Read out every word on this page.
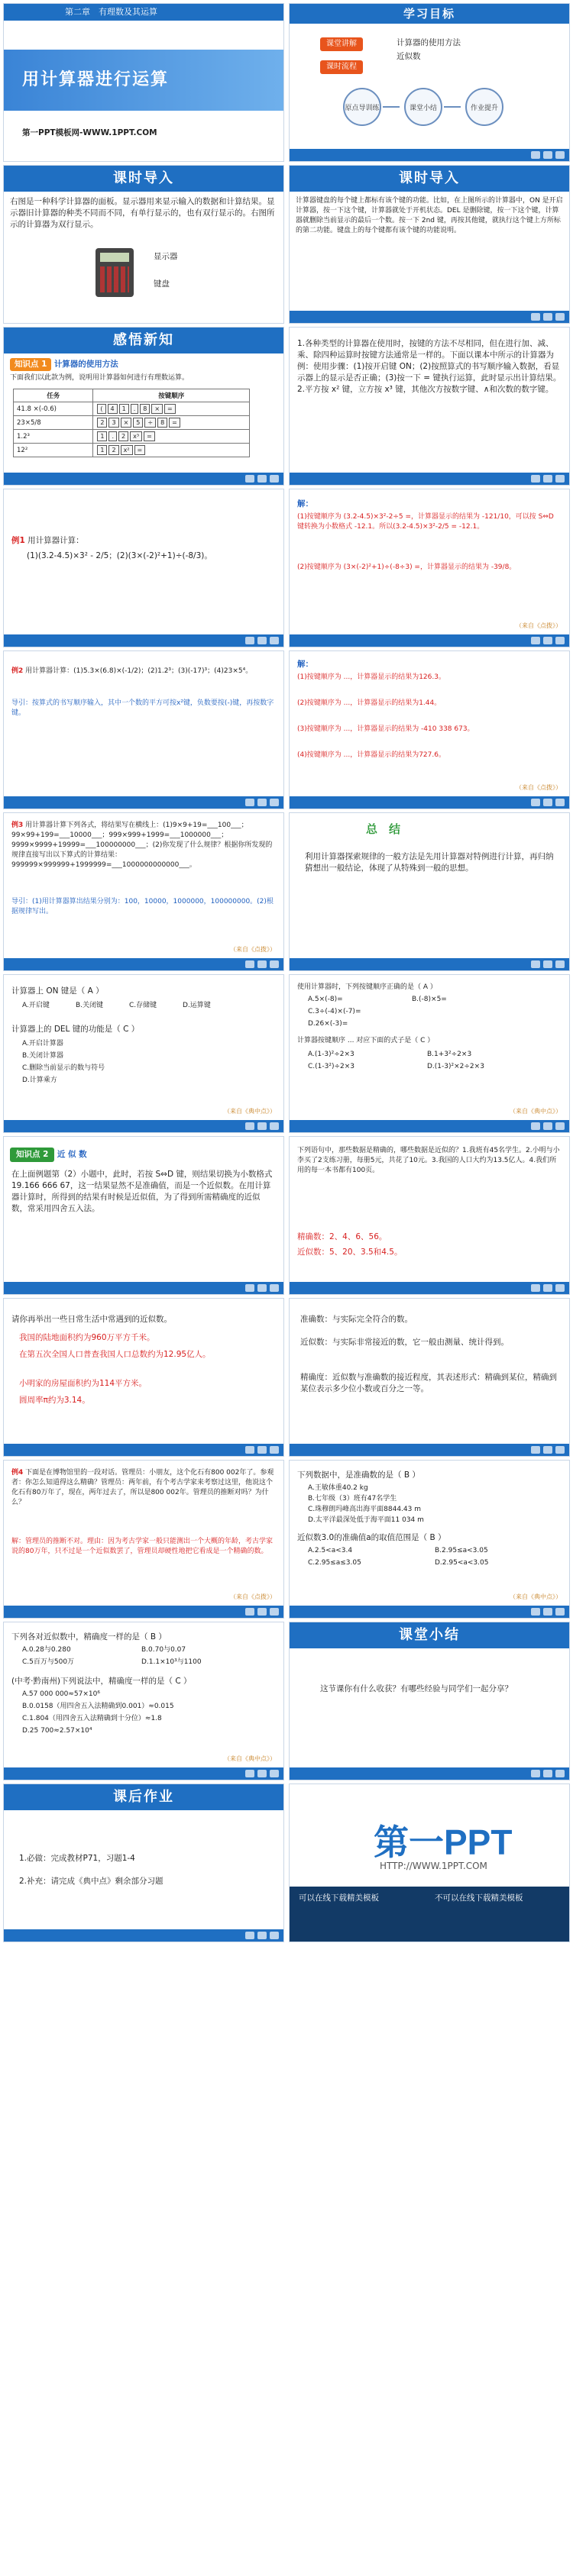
第二章　有理数及其运算
用计算器进行运算
第一PPT模板网-WWW.1PPT.COM
学习目标
课堂讲解
课时流程
计算器的使用方法
近似数
原点导训练	课堂小结	作业提升
课时导入
右图是一种科学计算器的面板。显示器用来显示输入的数据和计算结果。显示器旧计算器的种类不同而不同，有单行显示的，也有双行显示的。右图所示的计算器为双行显示。
显示器
键盘
课时导入
计算器键盘的每个键上都标有该个键的功能。比如，在上图所示的计算器中，ON 是开启计算器，按一下这个键，计算器就处于开机状态。DEL 是删除键，按一下这个键，计算器就删除当前显示的最后一个数。按一下 2nd 键，再按其他键，就执行这个键上方所标的第二功能。键盘上的每个键都有该个键的功能说明。
感悟新知
知识点 1 计算器的使用方法
下面我们以此款为例，说明用计算器如何进行有理数运算。
任务	按键顺序
41.8 ×(-0.6)	( 4 1 . 8 × =
23×5/8	2 3 × 5 ÷ 8 =
1.2³	1 . 2 x³ =
12²	1 2 x² =
1.各种类型的计算器在使用时，按键的方法不尽相同，但在进行加、减、乘、除四种运算时按键方法通常是一样的。下面以课本中所示的计算器为例：使用步骤：(1)按开启键 ON；(2)按照算式的书写顺序输入数据，看显示器上的显示是否正确；(3)按一下 = 键执行运算，此时显示出计算结果。2.平方按 x² 键，立方按 x³ 键，其他次方按数字键、∧和次数的数字键。
例1 用计算器计算：
(1)(3.2-4.5)×3² - 2/5；(2)(3×(-2)²+1)÷(-8/3)。
解：
(1)按键顺序为 (3.2-4.5)×3²-2÷5 =，计算器显示的结果为 -121/10，可以按 S⇔D 键转换为小数格式 -12.1。所以(3.2-4.5)×3²-2/5 = -12.1。
(2)按键顺序为 (3×(-2)²+1)÷(-8÷3) =，计算器显示的结果为 -39/8。
（来自《点拨》）
例2 用计算器计算：(1)5.3×(6.8)×(-1/2)；(2)1.2³；(3)(-17)³；(4)23×5⁴。
导引：按算式的书写顺序输入，其中一个数的平方可按x²键，负数要按(-)键，再按数字键。
解：
(1)按键顺序为 ...，计算器显示的结果为126.3。
(2)按键顺序为 ...，计算器显示的结果为1.44。
(3)按键顺序为 ...，计算器显示的结果为 -410 338 673。
(4)按键顺序为 ...，计算器显示的结果为727.6。
（来自《点拨》）
例3 用计算器计算下列各式，将结果写在横线上：(1)9×9+19=___100___；99×99+199=___10000___；999×999+1999=___1000000___；9999×9999+19999=___100000000___；(2)你发现了什么规律？根据你所发现的规律直接写出以下算式的计算结果：999999×999999+1999999=___1000000000000___。
导引：(1)用计算器算出结果分别为：100，10000，1000000，100000000。(2)根据规律写出。
（来自《点拨》）
总　结
利用计算器探索规律的一般方法是先用计算器对特例进行计算，再归纳猜想出一般结论，体现了从特殊到一般的思想。
计算器上 ON 键是（ A ）
A.开启键	B.关闭键	C.存储键	D.运算键
计算器上的 DEL 键的功能是（ C ）
A.开启计算器
B.关闭计算器
C.删除当前显示的数与符号
D.计算乘方
（来自《典中点》）
使用计算器时，下列按键顺序正确的是（ A ）
A.5×(-8)=	B.(-8)×5=
C.3÷(-4)×(-7)=
D.26×(-3)=
计算器按键顺序 ... 对应下面的式子是（ C ）
A.(1-3)²÷2×3	B.1+3²÷2×3
C.(1-3²)÷2×3	D.(1-3)²×2÷2×3
（来自《典中点》）
知识点 2 近 似 数
在上面例题第（2）小题中，此时，若按 S⇔D 键，则结果切换为小数格式19.166 666 67，这一结果显然不是准确值，而是一个近似数。在用计算器计算时，所得到的结果有时候是近似值，为了得到所需精确度的近似数，常采用四舍五入法。
下列语句中，那些数据是精确的，哪些数据是近似的？1.我班有45名学生。2.小明与小李买了2支练习册，每册5元，共花了10元。3.我国的人口大约为13.5亿人。4.我们所用的每一本书都有100页。
精确数：2、4、6、56。
近似数：5、20、3.5和4.5。
请你再举出一些日常生活中常遇到的近似数。
我国的陆地面积约为960万平方千米。
在第五次全国人口普查我国人口总数约为12.95亿人。
小明家的房屋面积约为114平方米。
圆周率π约为3.14。
准确数：与实际完全符合的数。
近似数：与实际非常接近的数，它一般由测量、统计得到。
精确度：近似数与准确数的接近程度，其表述形式：精确到某位，精确到某位表示多少位小数或百分之一等。
例4 下面是在博物馆里的一段对话。管理员：小朋友，这个化石有800 002年了。参观者：你怎么知道得这么精确？管理员：两年前，有个考古学家来考察过这里，他说这个化石有80万年了，现在，两年过去了，所以是800 002年。管理员的推断对吗？为什么？
解：管理员的推断不对。理由：因为考古学家一般只能测出一个大概的年龄，考古学家说的80万年，只不过是一个近似数罢了，管理员却硬性地把它看成是一个精确的数。
（来自《点拨》）
下列数据中，是准确数的是（ B ）
A.王敏体重40.2 kg
B.七年级（3）班有47名学生
C.珠穆朗玛峰高出海平面8844.43 m
D.太平洋最深处低于海平面11 034 m
近似数3.0的准确值a的取值范围是（ B ）
A.2.5<a<3.4	B.2.95≤a<3.05
C.2.95≤a≤3.05	D.2.95<a<3.05
（来自《典中点》）
下列各对近似数中，精确度一样的是（ B ）
A.0.28与0.280	B.0.70与0.07
C.5百万与500万	D.1.1×10³与1100
(中考·黔南州)下列说法中，精确度一样的是（ C ）
A.57 000 000≈57×10⁶
B.0.0158（用四舍五入法精确到0.001）≈0.015
C.1.804（用四舍五入法精确到十分位）≈1.8
D.25 700≈2.57×10⁴
（来自《典中点》）
课堂小结
这节课你有什么收获？有哪些经验与同学们一起分享？
课后作业
1.必做：完成教材P71，习题1-4
2.补充：请完成《典中点》剩余部分习题
第一PPT
HTTP://WWW.1PPT.COM
可以在线下载精美模板	不可以在线下载精美模板
